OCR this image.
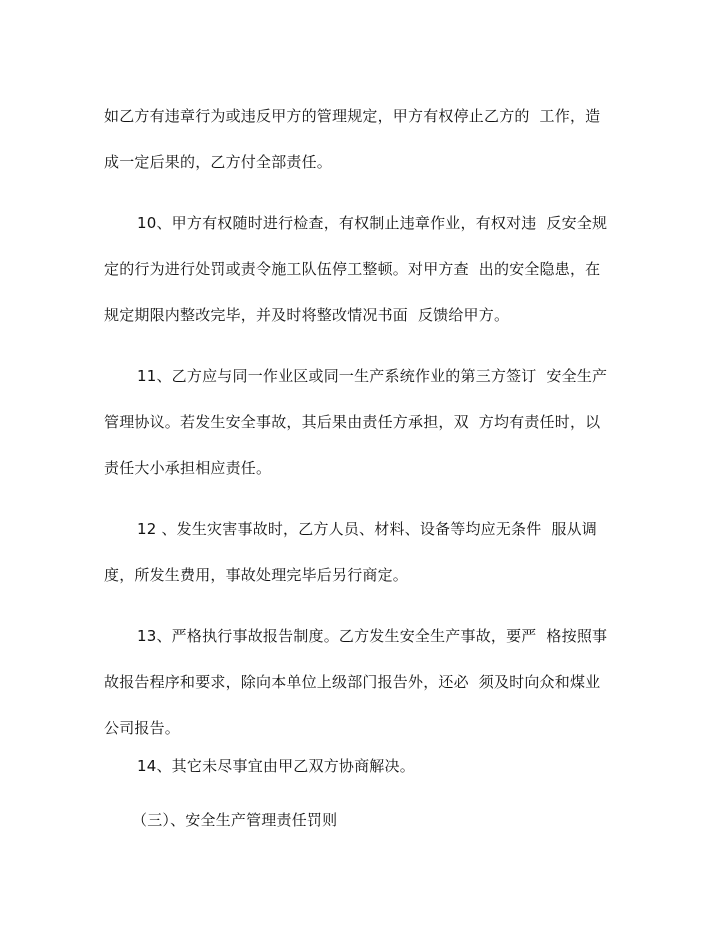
如乙方有违章行为或违反甲方的管理规定，甲方有权停止乙方的  工作，造
成一定后果的，乙方付全部责任。
10、甲方有权随时进行检查，有权制止违章作业，有权对违  反安全规
定的行为进行处罚或责令施工队伍停工整顿。对甲方查  出的安全隐患，在
规定期限内整改完毕，并及时将整改情况书面  反馈给甲方。
11、乙方应与同一作业区或同一生产系统作业的第三方签订  安全生产
管理协议。若发生安全事故，其后果由责任方承担，双  方均有责任时，以
责任大小承担相应责任。
12 、发生灾害事故时，乙方人员、材料、设备等均应无条件  服从调
度，所发生费用，事故处理完毕后另行商定。
13、严格执行事故报告制度。乙方发生安全生产事故，要严  格按照事
故报告程序和要求，除向本单位上级部门报告外，还必  须及时向众和煤业
公司报告。
14、其它未尽事宜由甲乙双方协商解决。
（三）、安全生产管理责任罚则
